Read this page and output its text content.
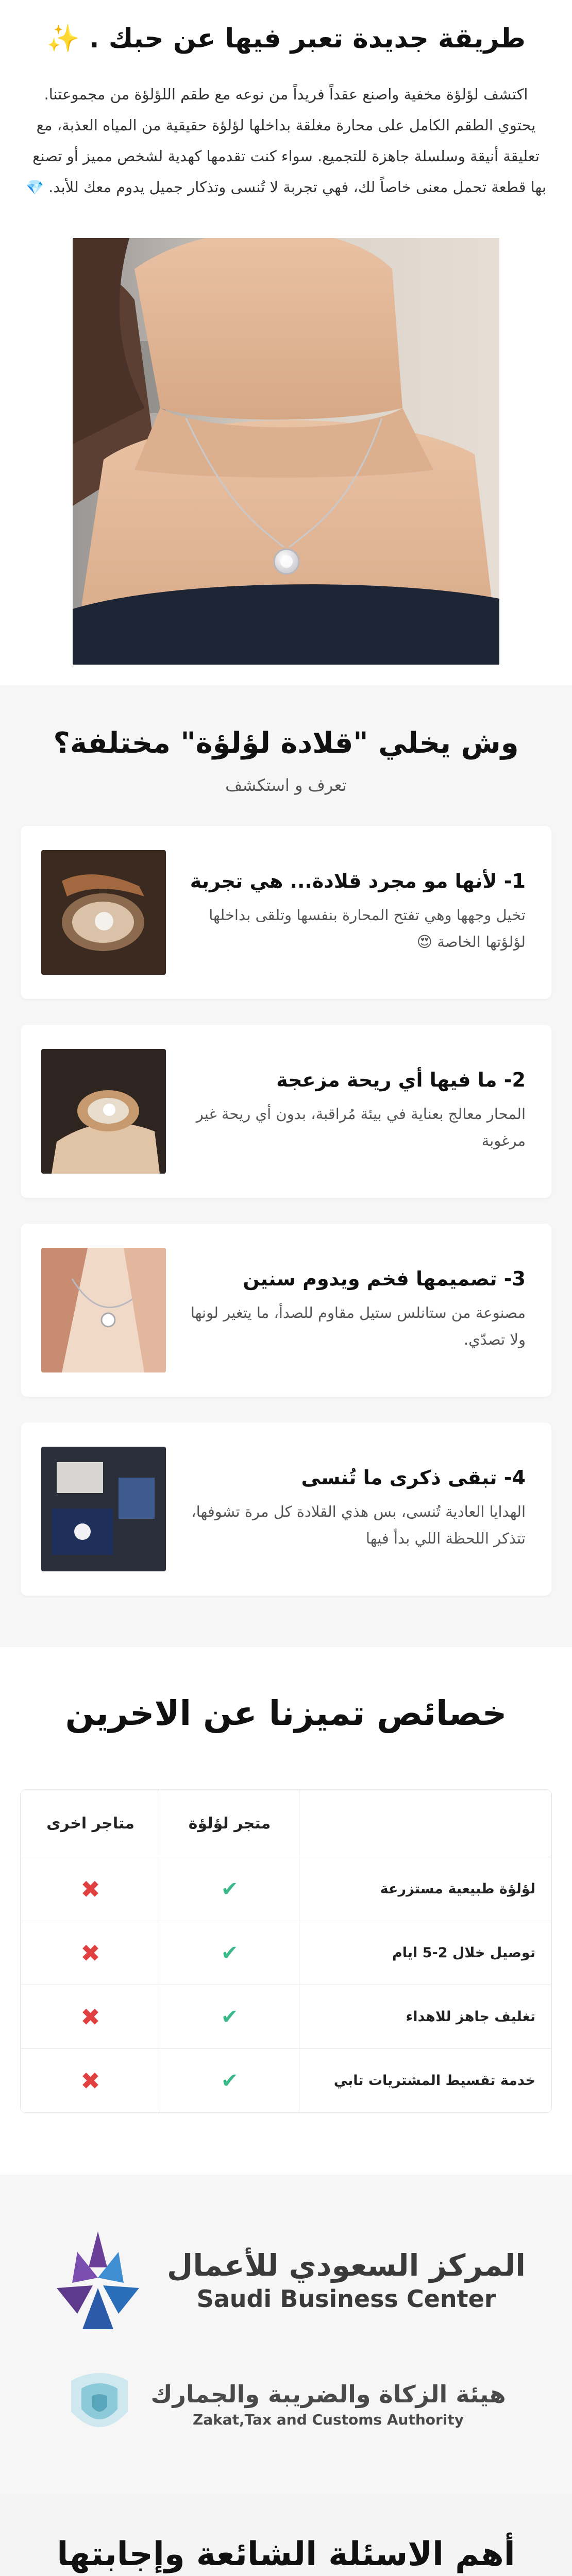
طريقة جديدة تعبر فيها عن حبك .
✨

اكتشف لؤلؤة مخفية واصنع عقداً فريداً من نوعه مع طقم اللؤلؤة من مجموعتنا. يحتوي الطقم الكامل على محارة مغلقة بداخلها لؤلؤة حقيقية من المياه العذبة، مع تعليقة أنيقة وسلسلة جاهزة للتجميع. سواء كنت تقدمها كهدية لشخص مميز أو تصنع بها قطعة تحمل معنى خاصاً لك، فهي تجربة لا تُنسى وتذكار جميل يدوم معك للأبد. 💎

وش يخلي "قلادة لؤلؤة" مختلفة؟

تعرف و استكشف

1- لأنها مو مجرد قلادة... هي تجربة
تخيل وجهها وهي تفتح المحارة بنفسها وتلقى بداخلها لؤلؤتها الخاصة 😍
2- ما فيها أي ريحة مزعجة
المحار معالج بعناية في بيئة مُراقبة، بدون أي ريحة غير مرغوبة
3- تصميمها فخم ويدوم سنين
مصنوعة من ستانلس ستيل مقاوم للصدأ، ما يتغير لونها ولا تصدّي.
4- تبقى ذكرى ما تُنسى
الهدايا العادية تُنسى، بس هذي القلادة كل مرة تشوفها، تتذكر اللحظة اللي بدأ فيها
خصائص تميزنا عن الاخرين
	متجر لؤلؤة	متاجر اخرى
لؤلؤة طبيعية مستزرعة	✔	✖
توصيل خلال 2-5 ايام	✔	✖
تغليف جاهز للاهداء	✔	✖
خدمة تقسيط المشتريات تابي	✔	✖
المركز السعودي للأعمال
Saudi Business Center
هيئة الزكاة والضريبة والجمارك
Zakat,Tax and Customs Authority
أهم الاسئلة الشائعة وإجابتها
